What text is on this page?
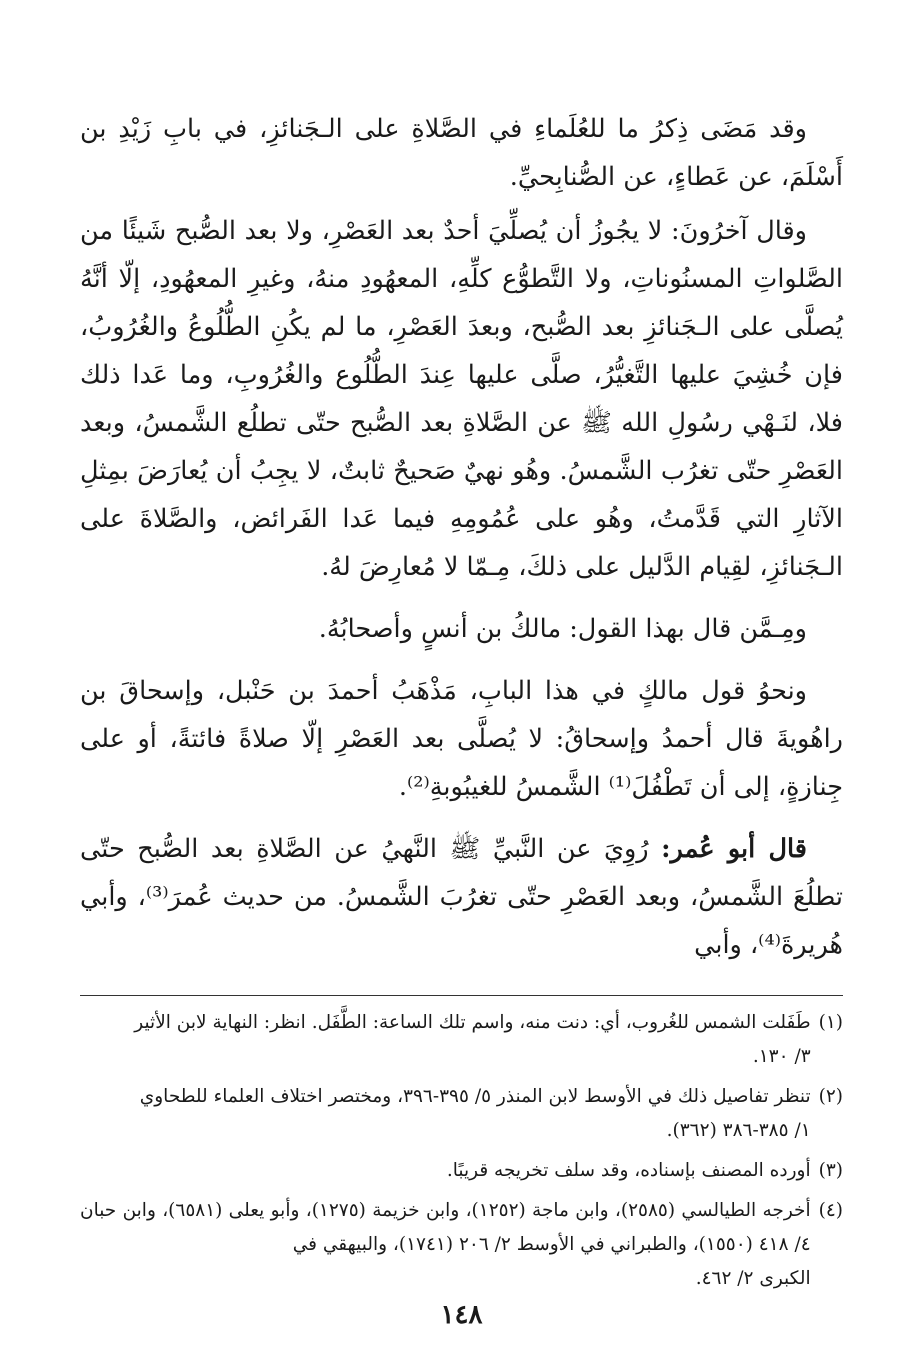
وقد مَضَى ذِكرُ ما للعُلَماءِ في الصَّلاةِ على الـجَنائزِ، في بابِ زَيْدِ بن أَسْلَمَ، عن عَطاءٍ، عن الصُّنابِحيِّ.

وقال آخرُونَ: لا يجُوزُ أن يُصلِّيَ أحدٌ بعد العَصْرِ، ولا بعد الصُّبح شَيئًا من الصَّلواتِ المسنُوناتِ، ولا التَّطوُّع كلِّهِ، المعهُودِ منهُ، وغيرِ المعهُودِ، إلّا أنَّهُ يُصلَّى على الـجَنائزِ بعد الصُّبح، وبعدَ العَصْرِ، ما لم يكُنِ الطُّلُوعُ والغُرُوبُ، فإن خُشِيَ عليها التَّغيُّرُ، صلَّى عليها عِندَ الطُّلُوع والغُرُوبِ، وما عَدا ذلك فلا، لنَـهْي رسُولِ الله ﷺ عن الصَّلاةِ بعد الصُّبح حتّى تطلُع الشَّمسُ، وبعد العَصْرِ حتّى تغرُب الشَّمسُ. وهُو نهيٌ صَحيحٌ ثابتٌ، لا يجِبُ أن يُعارَضَ بمِثلِ الآثارِ التي قَدَّمتُ، وهُو على عُمُومِهِ فيما عَدا الفَرائض، والصَّلاةَ على الـجَنائزِ، لقِيام الدَّليل على ذلكَ، مِـمّا لا مُعارِضَ لهُ.

ومِـمَّن قال بهذا القول: مالكُ بن أنسٍ وأصحابُهُ.

ونحوُ قول مالكٍ في هذا البابِ، مَذْهَبُ أحمدَ بن حَنْبل، وإسحاقَ بن راهُويةَ قال أحمدُ وإسحاقُ: لا يُصلَّى بعد العَصْرِ إلّا صلاةً فائتةً، أو على جِنازةٍ، إلى أن تَطْفُلَ⁽¹⁾ الشَّمسُ للغيبُوبةِ⁽²⁾.

قال أبو عُمر: رُوِيَ عن النَّبيِّ ﷺ النَّهيُ عن الصَّلاةِ بعد الصُّبح حتّى تطلُعَ الشَّمسُ، وبعد العَصْرِ حتّى تغرُبَ الشَّمسُ. من حديث عُمرَ⁽³⁾، وأبي هُريرةَ⁽⁴⁾، وأبي

(١)
طَفَلت الشمس للغُروب، أي: دنت منه، واسم تلك الساعة: الطَّفَل. انظر: النهاية لابن الأثير
٣/ ١٣٠.
(٢)
تنظر تفاصيل ذلك في الأوسط لابن المنذر ٥/ ٣٩٥-٣٩٦، ومختصر اختلاف العلماء للطحاوي
١/ ٣٨٥-٣٨٦ (٣٦٢).
(٣)
أورده المصنف بإسناده، وقد سلف تخريجه قريبًا.
(٤)
أخرجه الطيالسي (٢٥٨٥)، وابن ماجة (١٢٥٢)، وابن خزيمة (١٢٧٥)، وأبو يعلى (٦٥٨١)، وابن حبان ٤/ ٤١٨ (١٥٥٠)، والطبراني في الأوسط ٢/ ٢٠٦ (١٧٤١)، والبيهقي في
الكبرى ٢/ ٤٦٢.
١٤٨
